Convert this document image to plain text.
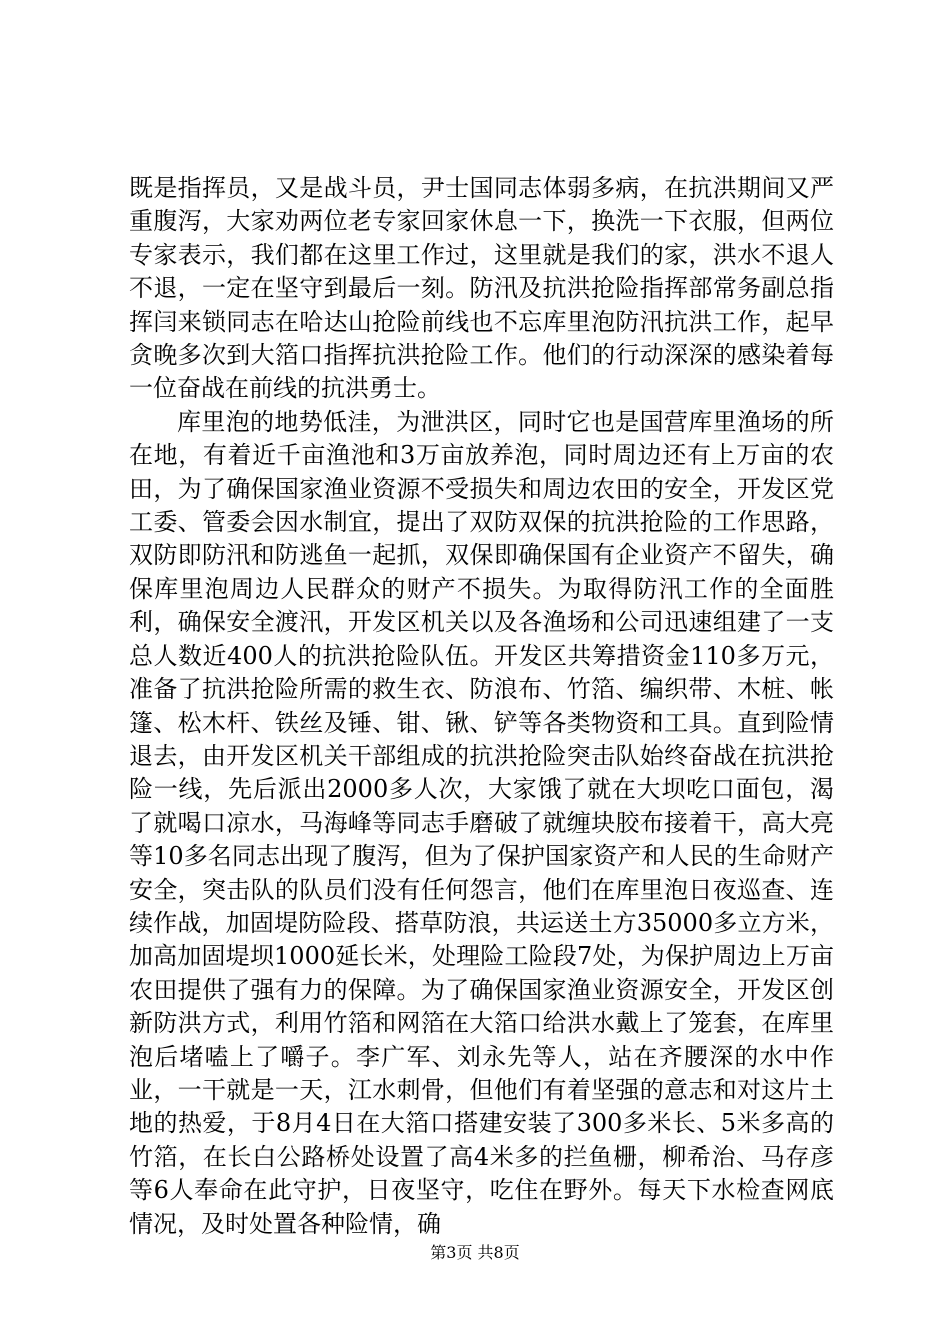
既是指挥员，又是战斗员，尹士国同志体弱多病，在抗洪期间又严重腹泻，大家劝两位老专家回家休息一下，换洗一下衣服，但两位专家表示，我们都在这里工作过，这里就是我们的家，洪水不退人不退，一定在坚守到最后一刻。防汛及抗洪抢险指挥部常务副总指挥闫来锁同志在哈达山抢险前线也不忘库里泡防汛抗洪工作，起早贪晚多次到大箔口指挥抗洪抢险工作。他们的行动深深的感染着每一位奋战在前线的抗洪勇士。

库里泡的地势低洼，为泄洪区，同时它也是国营库里渔场的所在地，有着近千亩渔池和3万亩放养泡，同时周边还有上万亩的农田，为了确保国家渔业资源不受损失和周边农田的安全，开发区党工委、管委会因水制宜，提出了双防双保的抗洪抢险的工作思路，双防即防汛和防逃鱼一起抓，双保即确保国有企业资产不留失，确保库里泡周边人民群众的财产不损失。为取得防汛工作的全面胜利，确保安全渡汛，开发区机关以及各渔场和公司迅速组建了一支总人数近400人的抗洪抢险队伍。开发区共筹措资金110多万元，准备了抗洪抢险所需的救生衣、防浪布、竹箔、编织带、木桩、帐篷、松木杆、铁丝及锤、钳、锹、铲等各类物资和工具。直到险情退去，由开发区机关干部组成的抗洪抢险突击队始终奋战在抗洪抢险一线，先后派出2000多人次，大家饿了就在大坝吃口面包，渴了就喝口凉水，马海峰等同志手磨破了就缠块胶布接着干，高大亮等10多名同志出现了腹泻，但为了保护国家资产和人民的生命财产安全，突击队的队员们没有任何怨言，他们在库里泡日夜巡查、连续作战，加固堤防险段、搭草防浪，共运送土方35000多立方米，加高加固堤坝1000延长米，处理险工险段7处，为保护周边上万亩农田提供了强有力的保障。为了确保国家渔业资源安全，开发区创新防洪方式，利用竹箔和网箔在大箔口给洪水戴上了笼套，在库里泡后堵嗑上了嚼子。李广军、刘永先等人，站在齐腰深的水中作业，一干就是一天，江水刺骨，但他们有着坚强的意志和对这片土地的热爱，于8月4日在大箔口搭建安装了300多米长、5米多高的竹箔，在长白公路桥处设置了高4米多的拦鱼栅，柳希治、马存彦等6人奉命在此守护，日夜坚守，吃住在野外。每天下水检查网底情况，及时处置各种险情，确

第3页 共8页
